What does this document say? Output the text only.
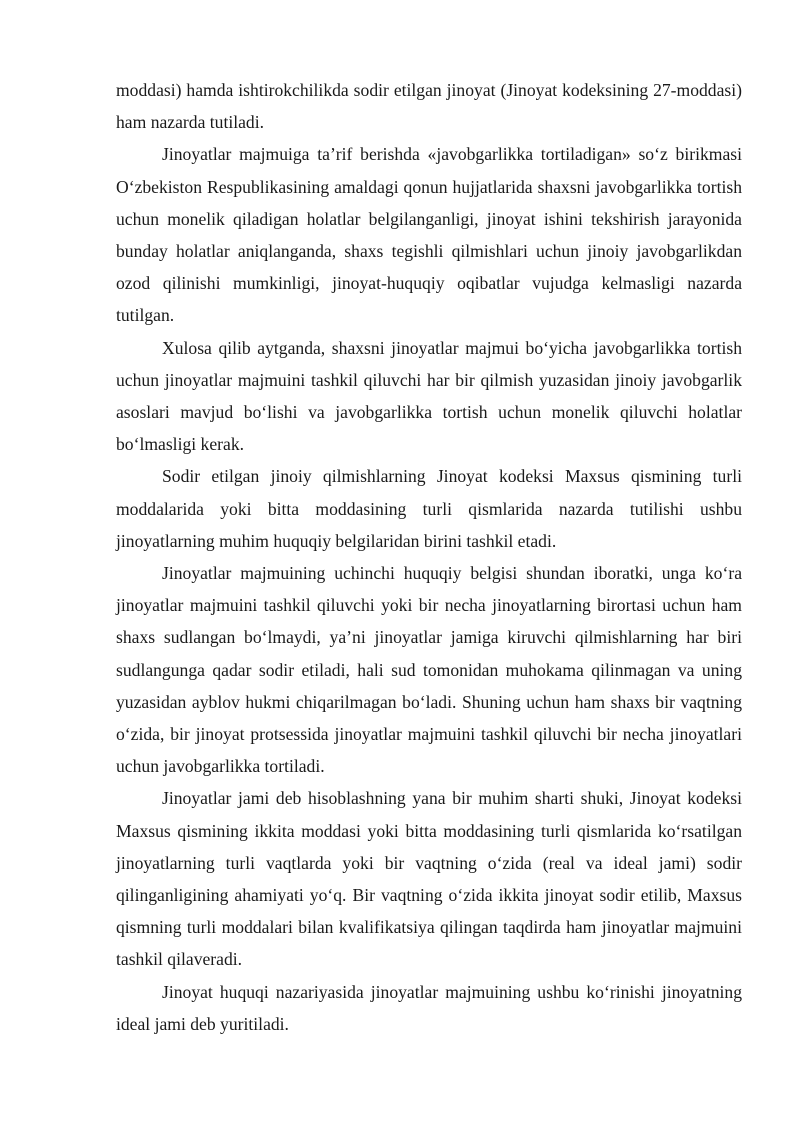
moddasi) hamda ishtirokchilikda sodir etilgan jinoyat (Jinoyat kodeksining 27-moddasi) ham nazarda tutiladi.

Jinoyatlar majmuiga ta’rif berishda «javobgarlikka tortiladigan» so‘z birikmasi O‘zbekiston Respublikasining amaldagi qonun hujjatlarida shaxsni javobgarlikka tortish uchun monelik qiladigan holatlar belgilanganligi, jinoyat ishini tekshirish jarayonida bunday holatlar aniqlanganda, shaxs tegishli qilmishlari uchun jinoiy javobgarlikdan ozod qilinishi mumkinligi, jinoyat-huquqiy oqibatlar vujudga kelmasligi nazarda tutilgan.

Xulosa qilib aytganda, shaxsni jinoyatlar majmui bo‘yicha javobgarlikka tortish uchun jinoyatlar majmuini tashkil qiluvchi har bir qilmish yuzasidan jinoiy javobgarlik asoslari mavjud bo‘lishi va javobgarlikka tortish uchun monelik qiluvchi holatlar bo‘lmasligi kerak.

Sodir etilgan jinoiy qilmishlarning Jinoyat kodeksi Maxsus qismining turli moddalarida yoki bitta moddasining turli qismlarida nazarda tutilishi ushbu jinoyatlarning muhim huquqiy belgilaridan birini tashkil etadi.

Jinoyatlar majmuining uchinchi huquqiy belgisi shundan iboratki, unga ko‘ra jinoyatlar majmuini tashkil qiluvchi yoki bir necha jinoyatlarning birortasi uchun ham shaxs sudlangan bo‘lmaydi, ya’ni jinoyatlar jamiga kiruvchi qilmishlarning har biri sudlangunga qadar sodir etiladi, hali sud tomonidan muhokama qilinmagan va uning yuzasidan ayblov hukmi chiqarilmagan bo‘ladi. Shuning uchun ham shaxs bir vaqtning o‘zida, bir jinoyat protsessida jinoyatlar majmuini tashkil qiluvchi bir necha jinoyatlari uchun javobgarlikka tortiladi.

Jinoyatlar jami deb hisoblashning yana bir muhim sharti shuki, Jinoyat kodeksi Maxsus qismining ikkita moddasi yoki bitta moddasining turli qismlarida ko‘rsatilgan jinoyatlarning turli vaqtlarda yoki bir vaqtning o‘zida (real va ideal jami) sodir qilinganligining ahamiyati yo‘q. Bir vaqtning o‘zida ikkita jinoyat sodir etilib, Maxsus qismning turli moddalari bilan kvalifikatsiya qilingan taqdirda ham jinoyatlar majmuini tashkil qilaveradi.

Jinoyat huquqi nazariyasida jinoyatlar majmuining ushbu ko‘rinishi jinoyatning ideal jami deb yuritiladi.
